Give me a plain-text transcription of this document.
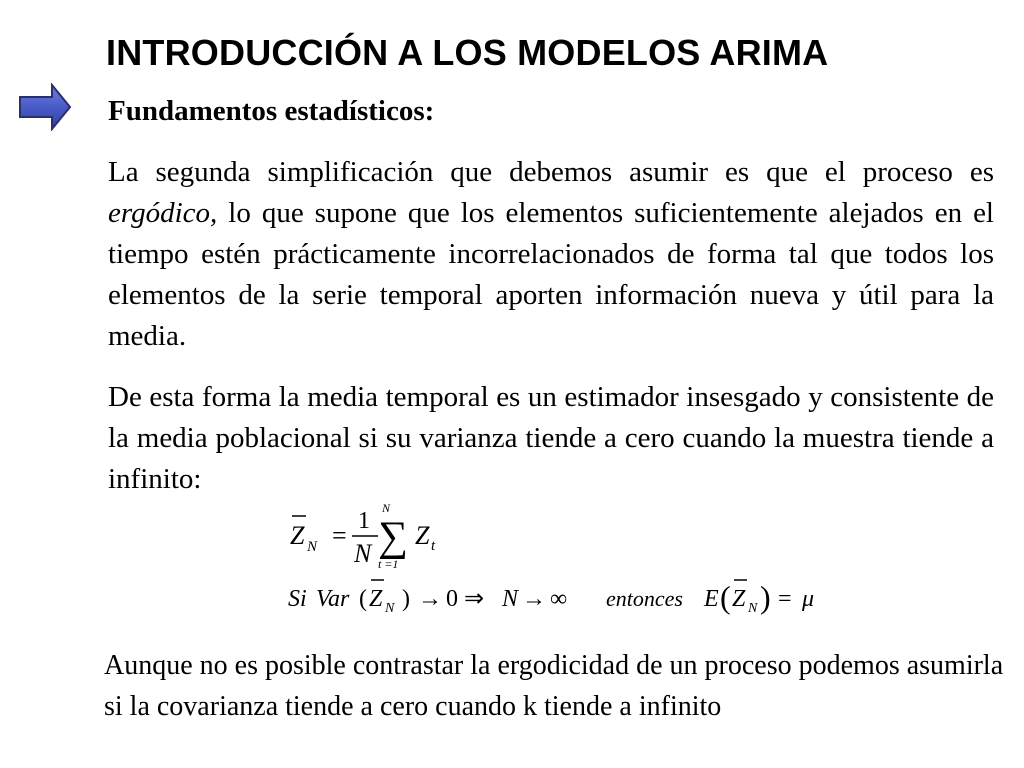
INTRODUCCIÓN A LOS MODELOS ARIMA
Fundamentos estadísticos:

La segunda simplificación que debemos asumir es que el proceso es ergódico, lo que supone que los elementos suficientemente alejados en el tiempo estén prácticamente incorrelacionados de forma tal que todos los elementos de la serie temporal aporten información nueva y útil para la media.

De esta forma la media temporal es un estimador insesgado y consistente de la media poblacional si su varianza tiende a cero cuando la muestra tiende a infinito:

Z N = 1
N
N
∑
t =1
Z t
Si Var ( Z N ) → 0 ⇒ N → ∞ entonces E ( Z N ) = μ

Aunque no es posible contrastar la ergodicidad de un proceso podemos asumirla si la covarianza tiende a cero cuando k tiende a infinito
